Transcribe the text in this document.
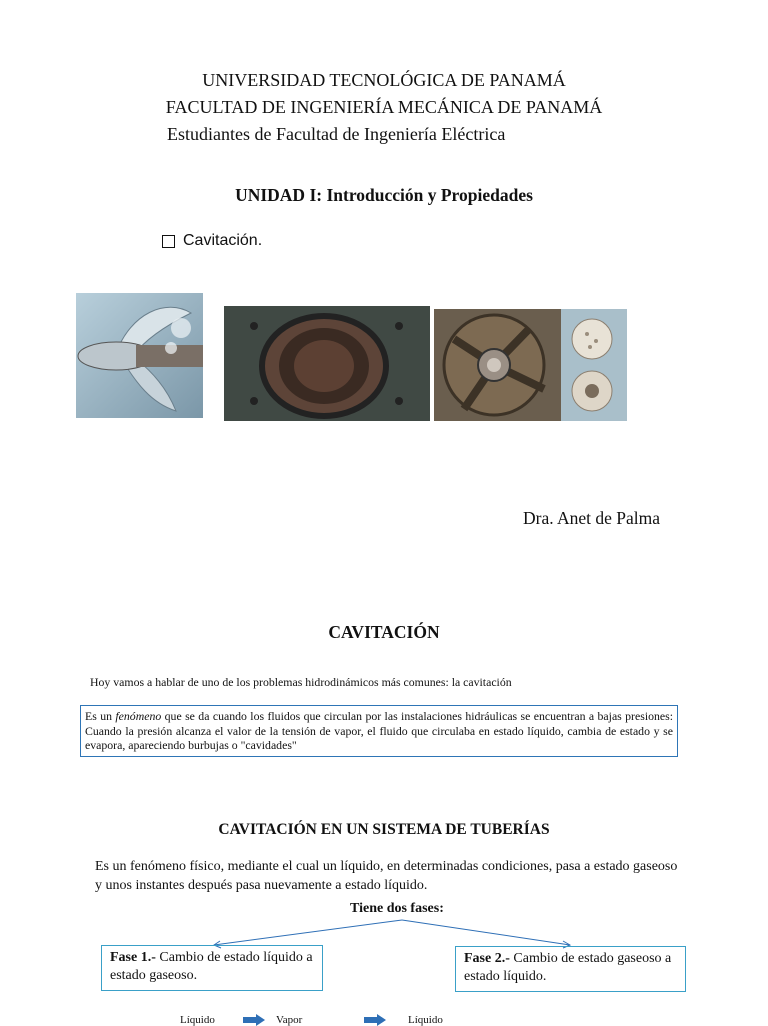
UNIVERSIDAD TECNOLÓGICA DE PANAMÁ
FACULTAD DE INGENIERÍA MECÁNICA DE PANAMÁ
Estudiantes de Facultad de Ingeniería Eléctrica
UNIDAD I: Introducción y Propiedades
Cavitación.
Dra. Anet de Palma
CAVITACIÓN
Hoy vamos a hablar de uno de los problemas hidrodinámicos más comunes: la cavitación
Es un fenómeno que se da cuando los fluidos que circulan por las instalaciones hidráulicas se encuentran a bajas presiones: Cuando la presión alcanza el valor de la tensión de vapor, el fluido que circulaba en estado líquido, cambia de estado y se evapora, apareciendo burbujas o "cavidades"
CAVITACIÓN EN UN SISTEMA DE TUBERÍAS
Es un fenómeno físico, mediante el cual un líquido, en determinadas condiciones, pasa a estado gaseoso y unos instantes después pasa nuevamente a estado líquido.
Tiene dos fases:
Fase 1.- Cambio de estado líquido a estado gaseoso.
Fase 2.- Cambio de estado gaseoso a estado líquido.
Líquido	Vapor	Líquido
